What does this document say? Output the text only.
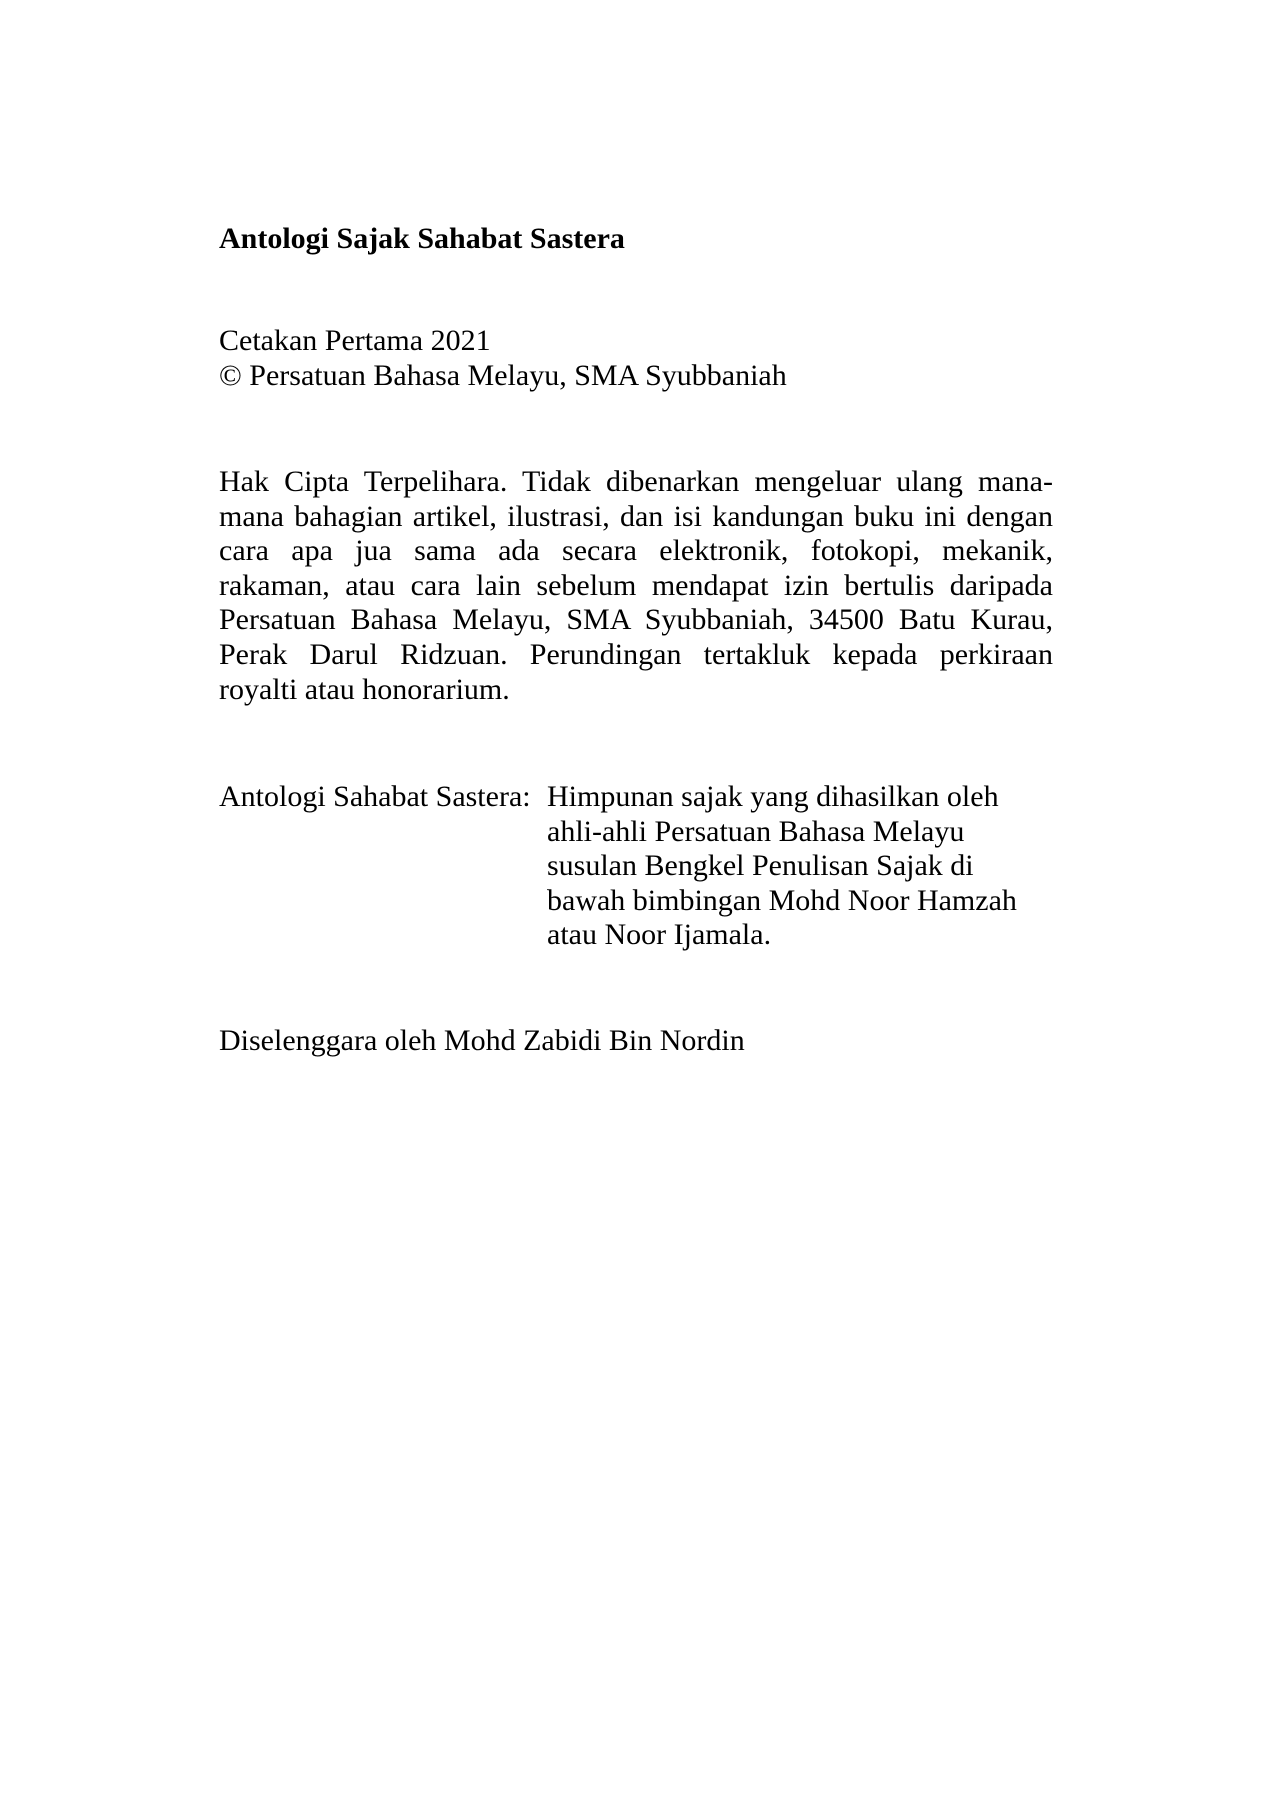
Antologi Sajak Sahabat Sastera
Cetakan Pertama 2021
© Persatuan Bahasa Melayu, SMA Syubbaniah
Hak Cipta Terpelihara. Tidak dibenarkan mengeluar ulang mana-
mana bahagian artikel, ilustrasi, dan isi kandungan buku ini dengan
cara apa jua sama ada secara elektronik, fotokopi, mekanik,
rakaman, atau cara lain sebelum mendapat izin bertulis daripada
Persatuan Bahasa Melayu, SMA Syubbaniah, 34500 Batu Kurau,
Perak Darul Ridzuan. Perundingan tertakluk kepada perkiraan
royalti atau honorarium.
Antologi Sahabat Sastera: Himpunan sajak yang dihasilkan oleh
ahli-ahli Persatuan Bahasa Melayu
susulan Bengkel Penulisan Sajak di
bawah bimbingan Mohd Noor Hamzah
atau Noor Ijamala.
Diselenggara oleh Mohd Zabidi Bin Nordin
